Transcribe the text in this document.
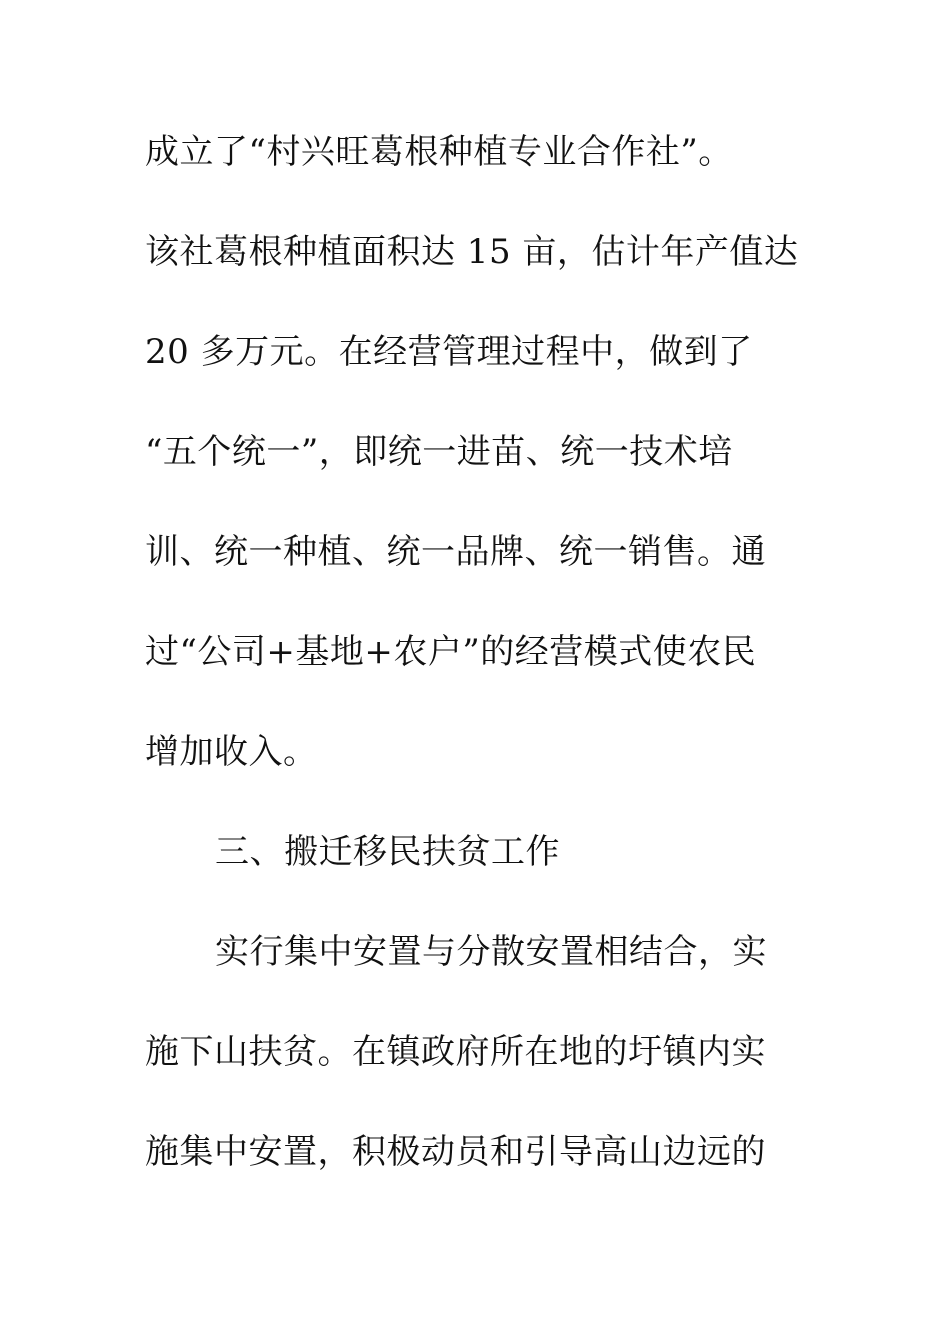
成立了“村兴旺葛根种植专业合作社”。
该社葛根种植面积达 15 亩，估计年产值达
20 多万元。在经营管理过程中，做到了
“五个统一”，即统一进苗、统一技术培
训、统一种植、统一品牌、统一销售。通
过“公司+基地+农户”的经营模式使农民
增加收入。
三、搬迁移民扶贫工作
实行集中安置与分散安置相结合，实
施下山扶贫。在镇政府所在地的圩镇内实
施集中安置，积极动员和引导高山边远的
